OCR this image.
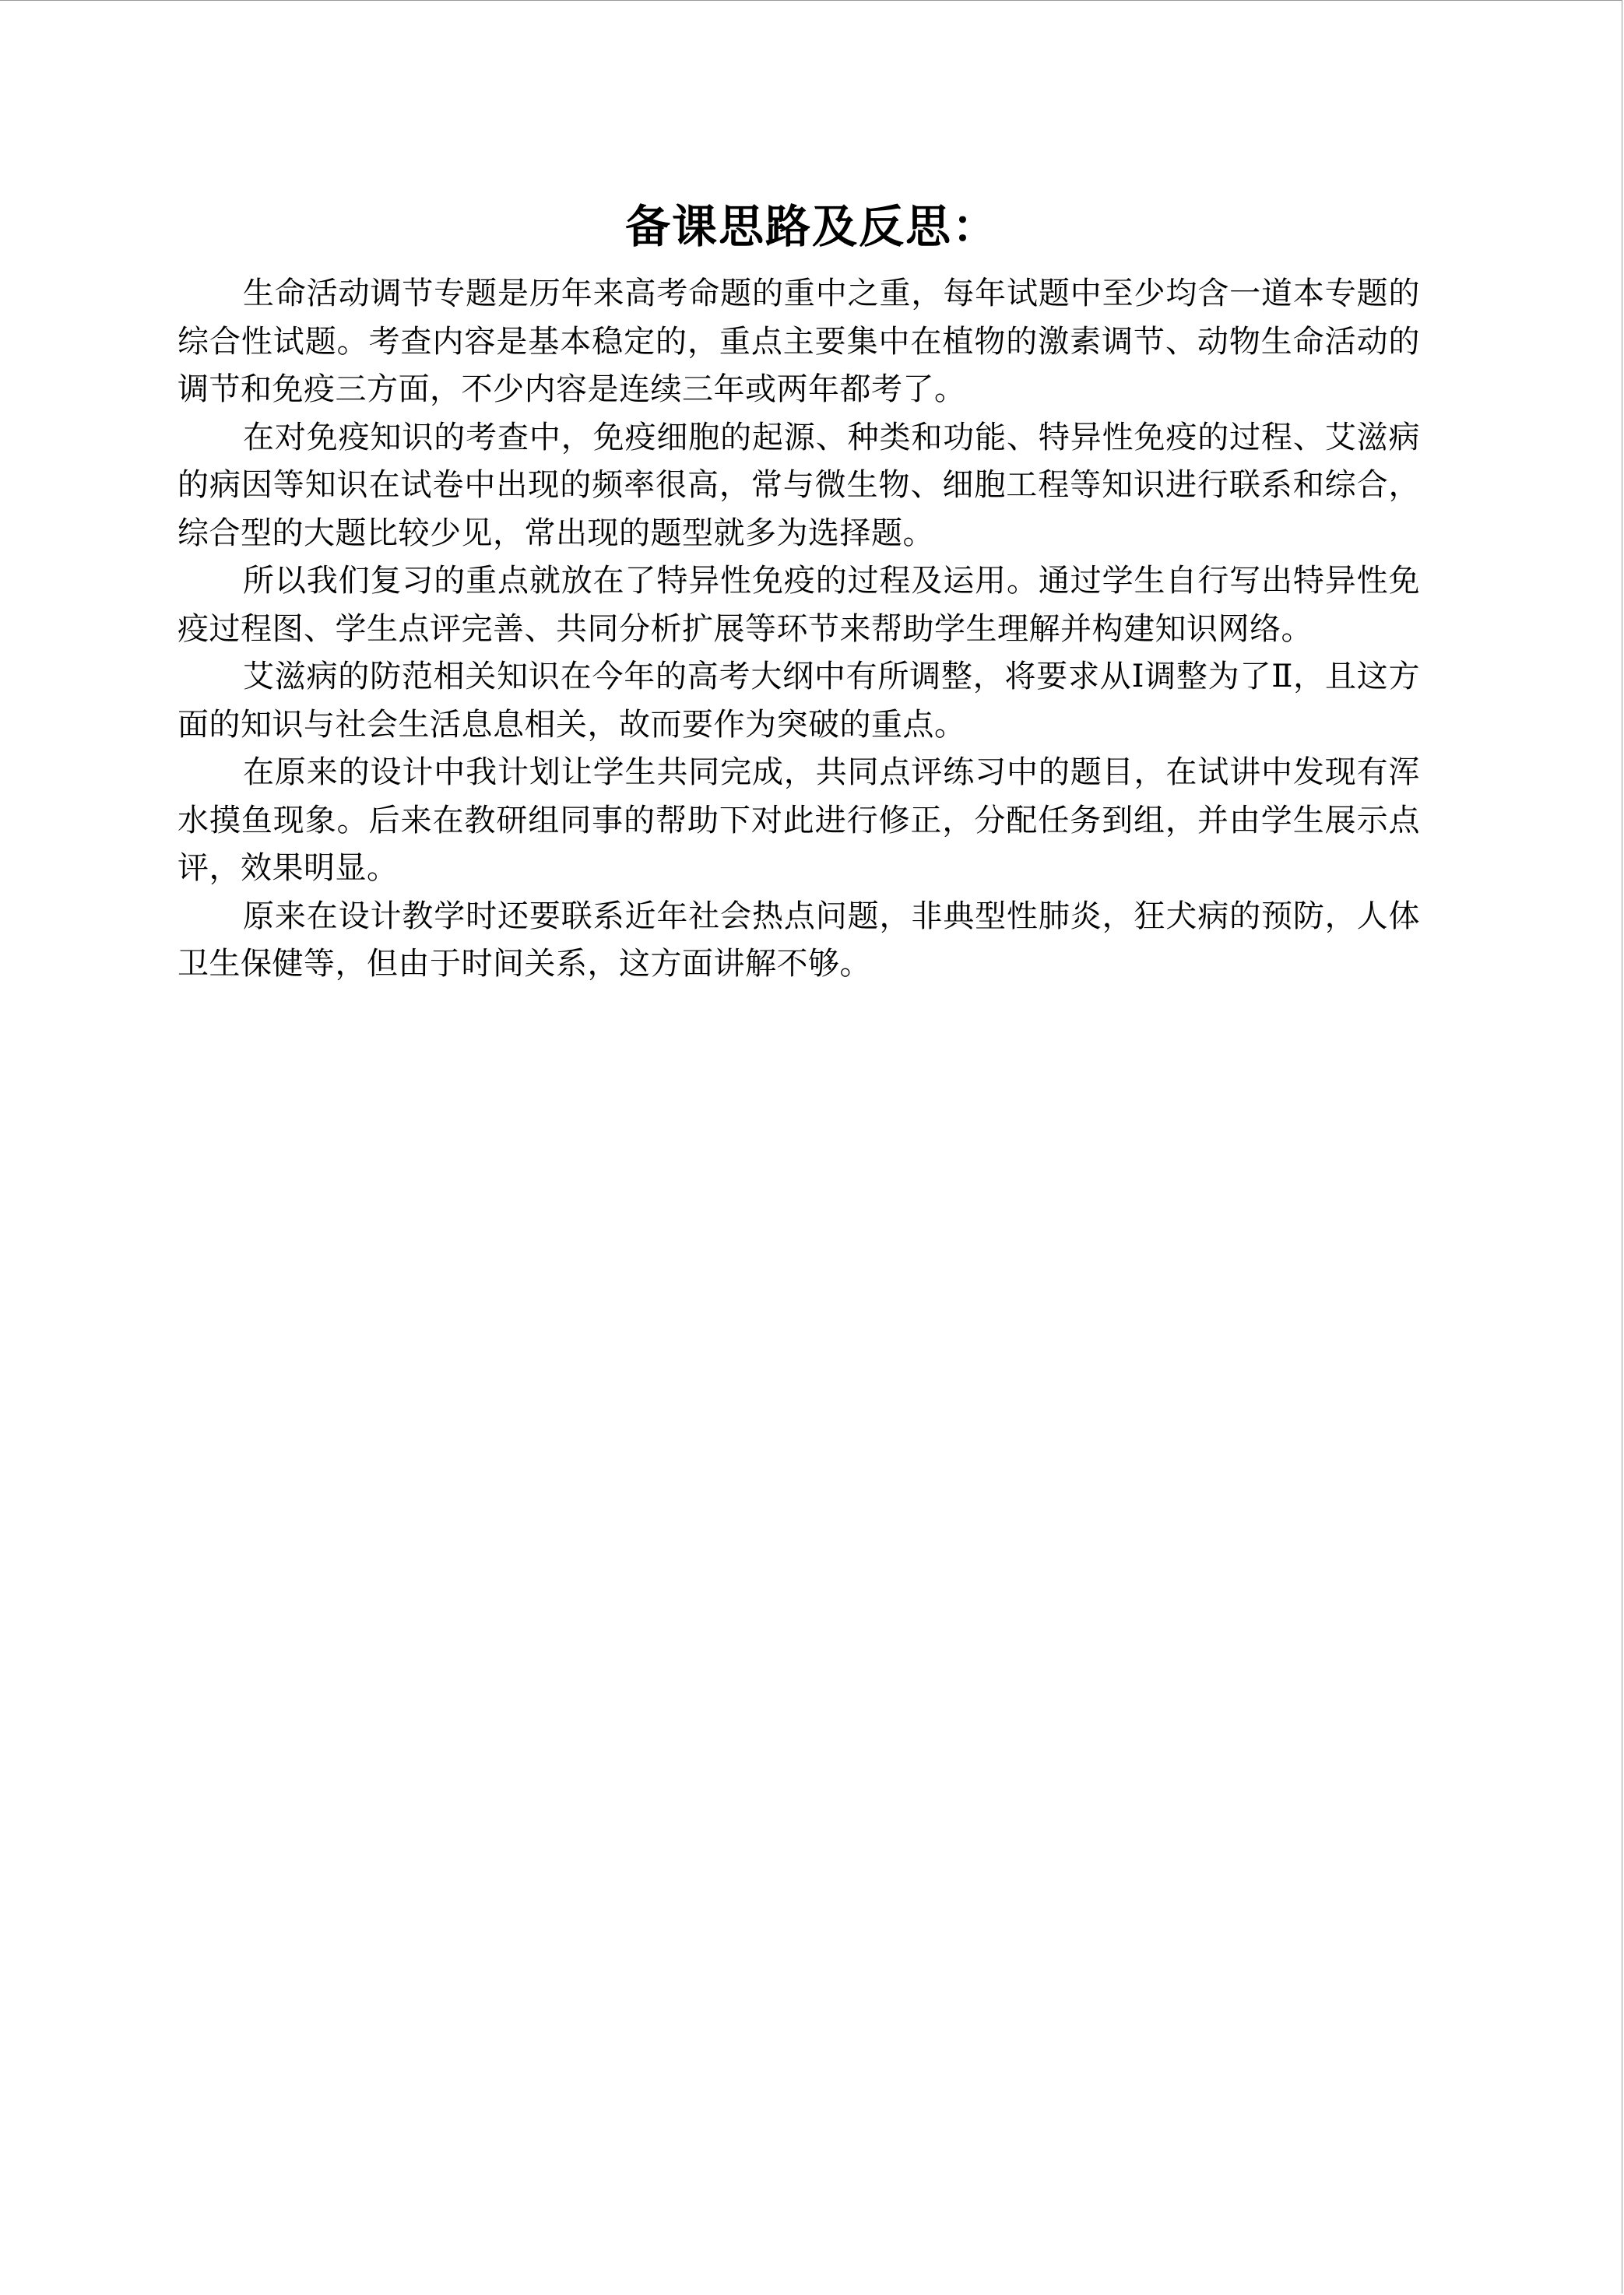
备课思路及反思：

生命活动调节专题是历年来高考命题的重中之重，每年试题中至少均含一道本专题的综合性试题。考查内容是基本稳定的，重点主要集中在植物的激素调节、动物生命活动的调节和免疫三方面，不少内容是连续三年或两年都考了。

在对免疫知识的考查中，免疫细胞的起源、种类和功能、特异性免疫的过程、艾滋病的病因等知识在试卷中出现的频率很高，常与微生物、细胞工程等知识进行联系和综合，综合型的大题比较少见，常出现的题型就多为选择题。

所以我们复习的重点就放在了特异性免疫的过程及运用。通过学生自行写出特异性免疫过程图、学生点评完善、共同分析扩展等环节来帮助学生理解并构建知识网络。

艾滋病的防范相关知识在今年的高考大纲中有所调整，将要求从Ⅰ调整为了Ⅱ，且这方面的知识与社会生活息息相关，故而要作为突破的重点。

在原来的设计中我计划让学生共同完成，共同点评练习中的题目，在试讲中发现有浑水摸鱼现象。后来在教研组同事的帮助下对此进行修正，分配任务到组，并由学生展示点评，效果明显。

原来在设计教学时还要联系近年社会热点问题，非典型性肺炎，狂犬病的预防，人体卫生保健等，但由于时间关系，这方面讲解不够。
